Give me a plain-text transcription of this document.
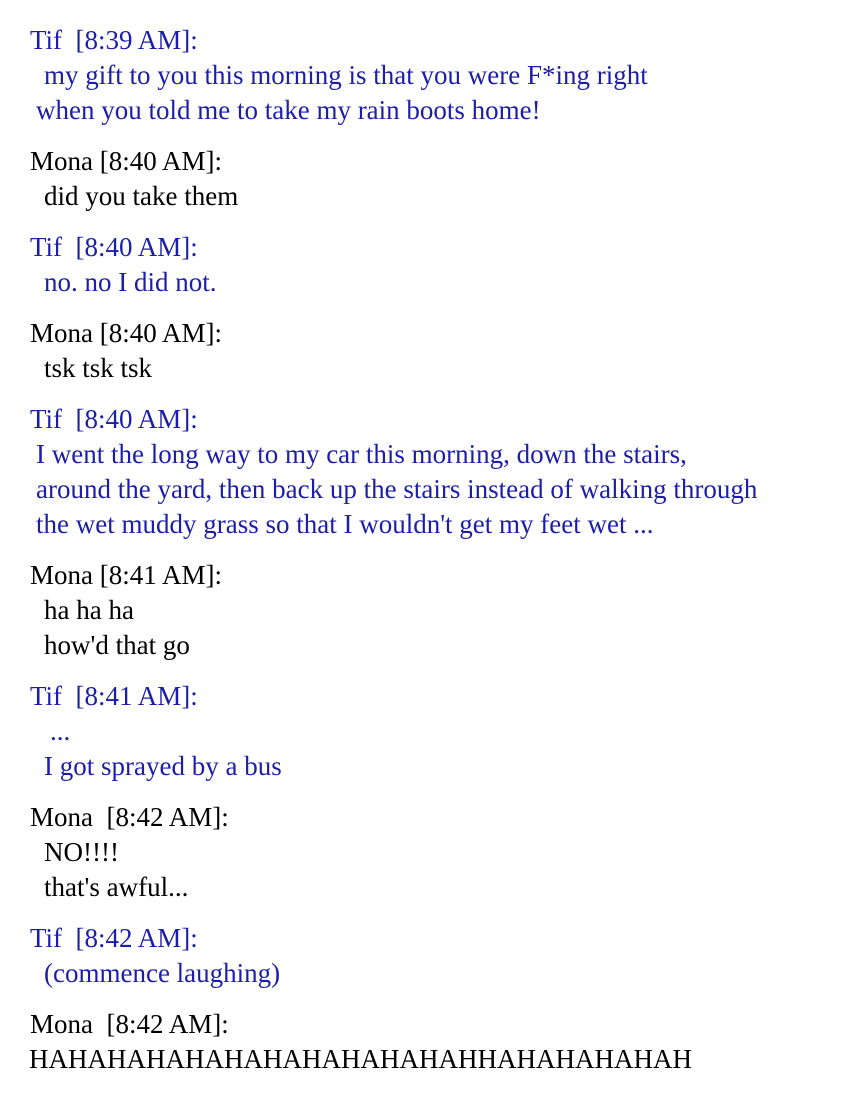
Tif  [8:39 AM]:
my gift to you this morning is that you were F*ing right
when you told me to take my rain boots home!
Mona [8:40 AM]:
did you take them
Tif  [8:40 AM]:
no. no I did not.
Mona [8:40 AM]:
tsk tsk tsk
Tif  [8:40 AM]:
I went the long way to my car this morning, down the stairs,
around the yard, then back up the stairs instead of walking through
the wet muddy grass so that I wouldn't get my feet wet ...
Mona [8:41 AM]:
ha ha ha
how'd that go
Tif  [8:41 AM]:
...
I got sprayed by a bus
Mona  [8:42 AM]:
NO!!!!
that's awful...
Tif  [8:42 AM]:
(commence laughing)
Mona  [8:42 AM]:
HAHAHAHAHAHAHAHAHAHAHAHHAHAHAHAHAH
